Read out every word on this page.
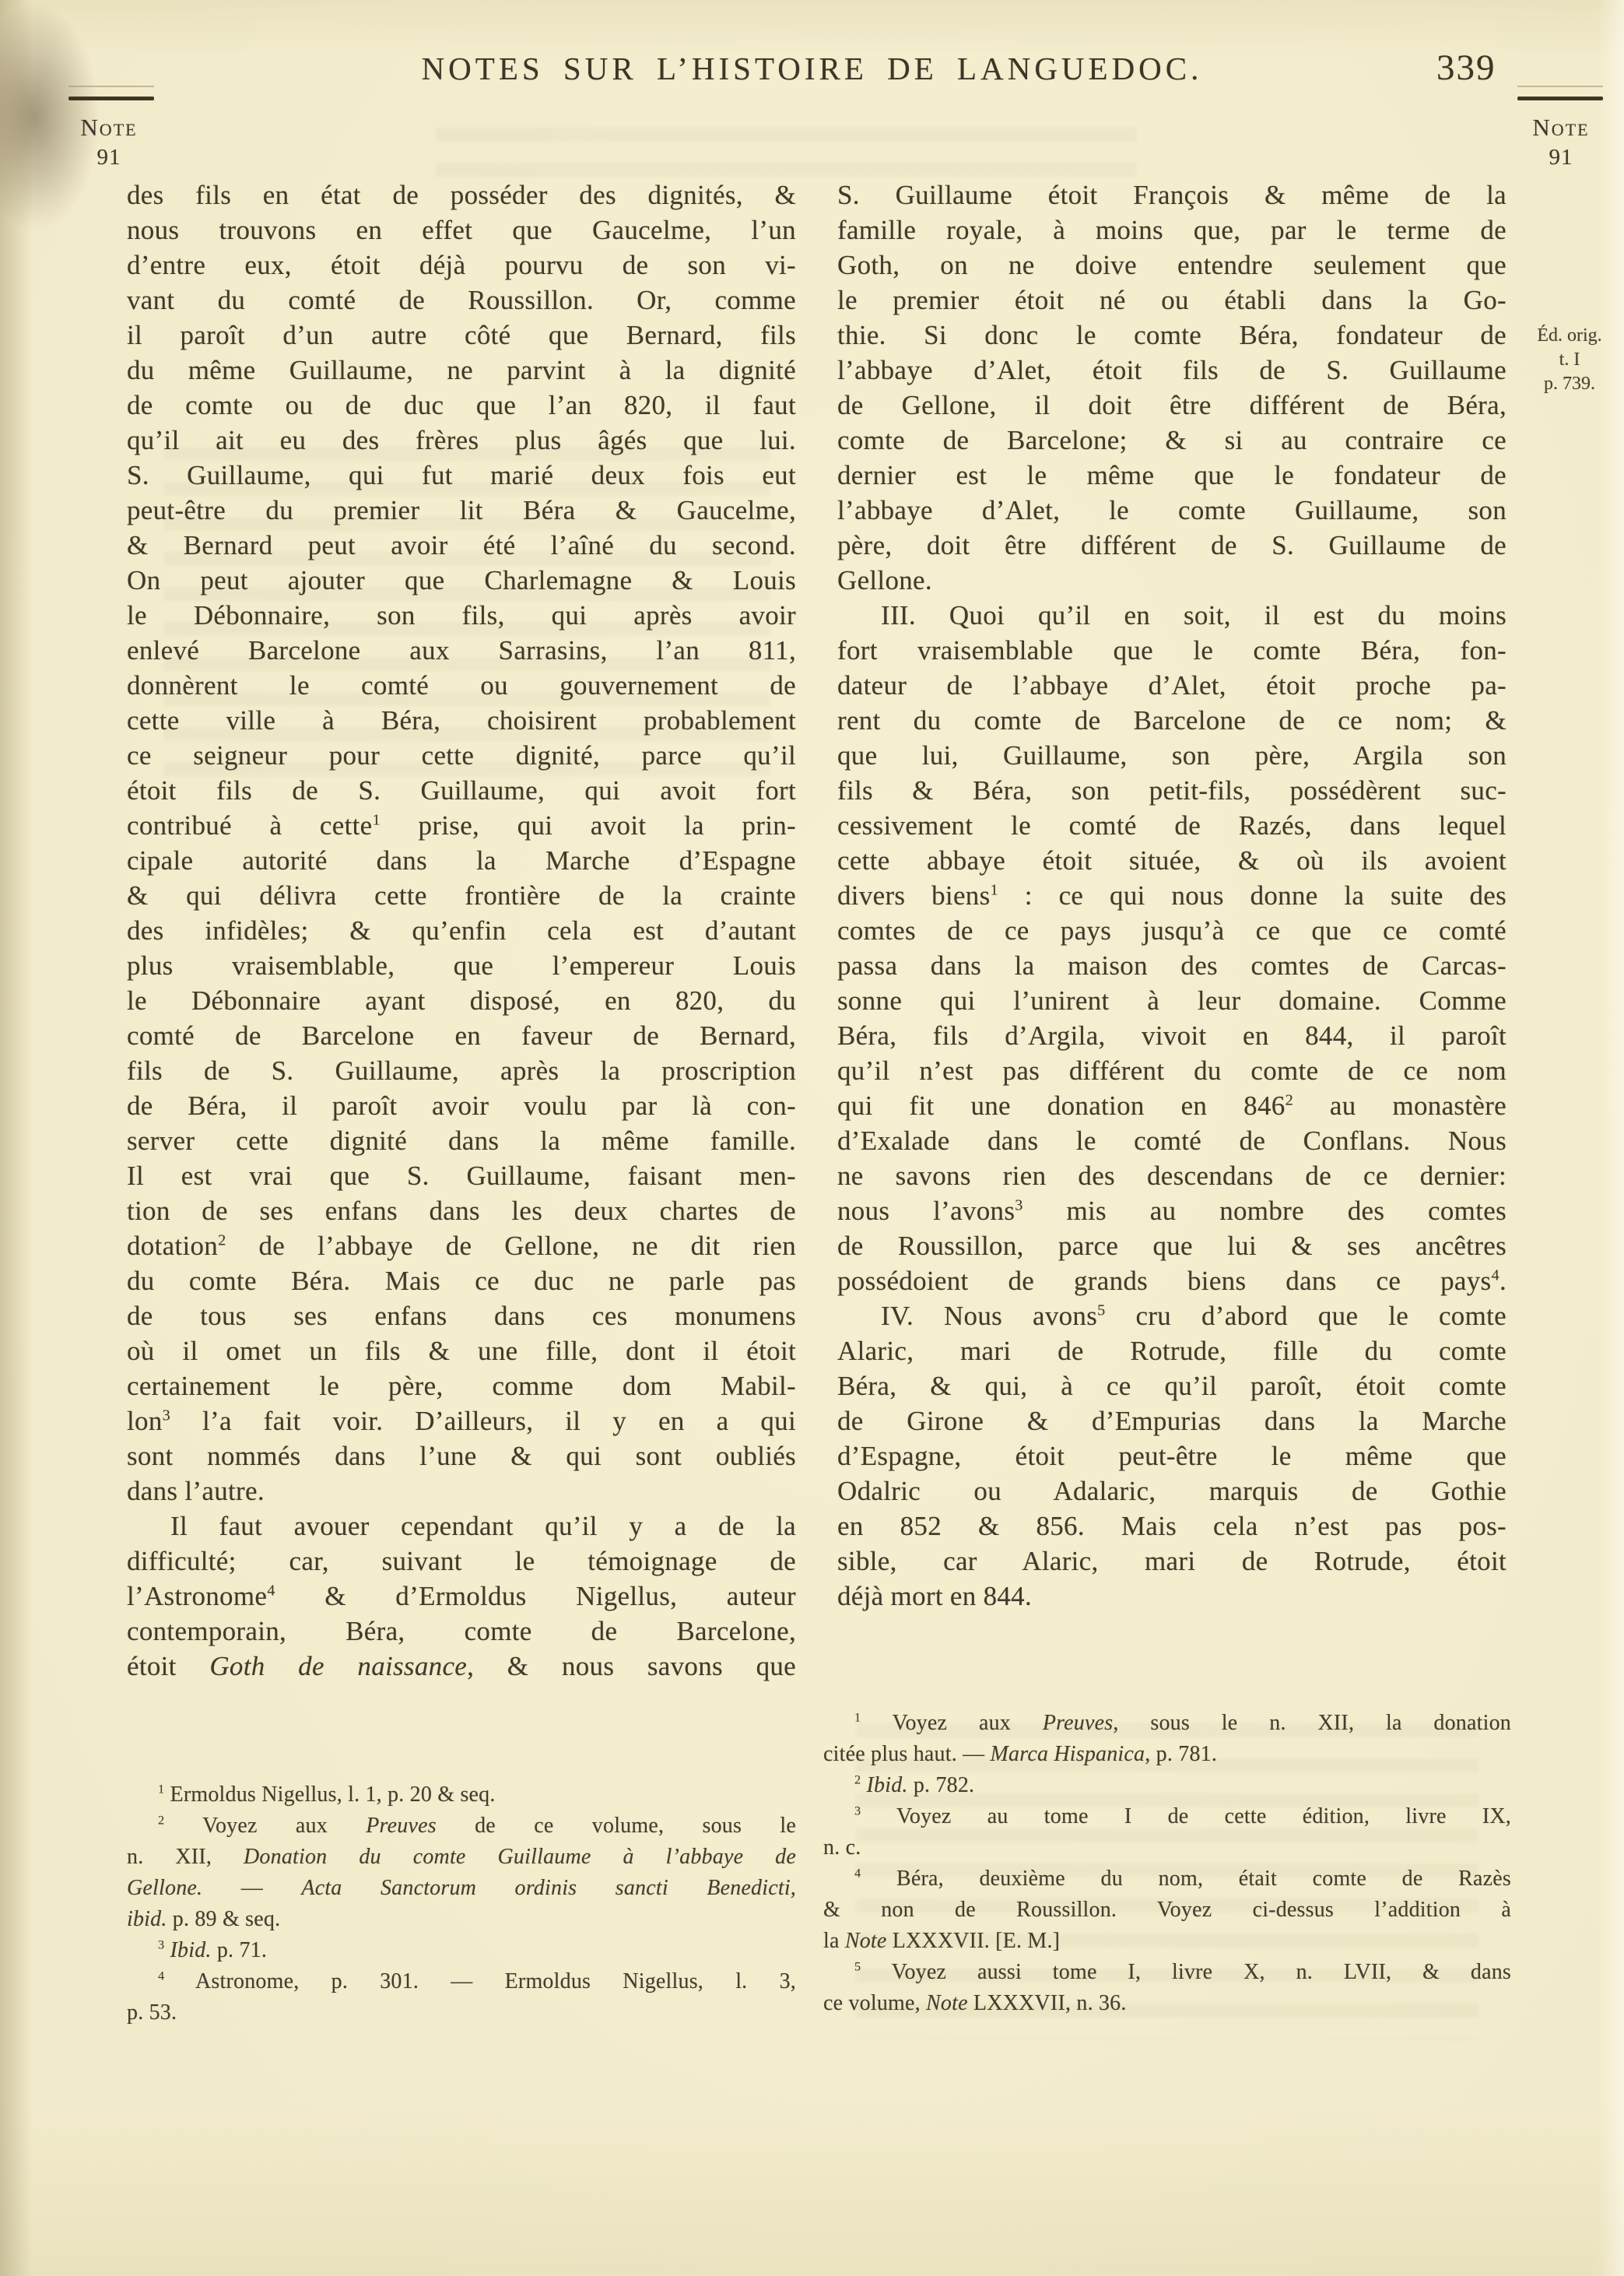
NOTES SUR L’HISTOIRE DE LANGUEDOC.	339
Note
91
Note
91
Éd. orig.
t. I
p. 739.
des fils en état de posséder des dignités, &
nous trouvons en effet que Gaucelme, l’un
d’entre eux, étoit déjà pourvu de son vi-
vant du comté de Roussillon. Or, comme
il paroît d’un autre côté que Bernard, fils
du même Guillaume, ne parvint à la dignité
de comte ou de duc que l’an 820, il faut
qu’il ait eu des frères plus âgés que lui.
S. Guillaume, qui fut marié deux fois eut
peut-être du premier lit Béra & Gaucelme,
& Bernard peut avoir été l’aîné du second.
On peut ajouter que Charlemagne & Louis
le Débonnaire, son fils, qui après avoir
enlevé Barcelone aux Sarrasins, l’an 811,
donnèrent le comté ou gouvernement de
cette ville à Béra, choisirent probablement
ce seigneur pour cette dignité, parce qu’il
étoit fils de S. Guillaume, qui avoit fort
contribué à cette$^1$ prise, qui avoit la prin-
cipale autorité dans la Marche d’Espagne
& qui délivra cette frontière de la crainte
des infidèles; & qu’enfin cela est d’autant
plus vraisemblable, que l’empereur Louis
le Débonnaire ayant disposé, en 820, du
comté de Barcelone en faveur de Bernard,
fils de S. Guillaume, après la proscription
de Béra, il paroît avoir voulu par là con-
server cette dignité dans la même famille.
Il est vrai que S. Guillaume, faisant men-
tion de ses enfans dans les deux chartes de
dotation$^2$ de l’abbaye de Gellone, ne dit rien
du comte Béra. Mais ce duc ne parle pas
de tous ses enfans dans ces monumens
où il omet un fils & une fille, dont il étoit
certainement le père, comme dom Mabil-
lon$^3$ l’a fait voir. D’ailleurs, il y en a qui
sont nommés dans l’une & qui sont oubliés
dans l’autre.
Il faut avouer cependant qu’il y a de la
difficulté; car, suivant le témoignage de
l’Astronome$^4$ & d’Ermoldus Nigellus, auteur
contemporain, Béra, comte de Barcelone,
étoit Goth de naissance, & nous savons que
$^1$ Ermoldus Nigellus, l. 1, p. 20 & seq.
$^2$ Voyez aux Preuves de ce volume, sous le
n. XII, Donation du comte Guillaume à l’abbaye de
Gellone. — Acta Sanctorum ordinis sancti Benedicti,
ibid. p. 89 & seq.
$^3$ Ibid. p. 71.
$^4$ Astronome, p. 301. — Ermoldus Nigellus, l. 3,
p. 53.
S. Guillaume étoit François & même de la
famille royale, à moins que, par le terme de
Goth, on ne doive entendre seulement que
le premier étoit né ou établi dans la Go-
thie. Si donc le comte Béra, fondateur de
l’abbaye d’Alet, étoit fils de S. Guillaume
de Gellone, il doit être différent de Béra,
comte de Barcelone; & si au contraire ce
dernier est le même que le fondateur de
l’abbaye d’Alet, le comte Guillaume, son
père, doit être différent de S. Guillaume de
Gellone.
III. Quoi qu’il en soit, il est du moins
fort vraisemblable que le comte Béra, fon-
dateur de l’abbaye d’Alet, étoit proche pa-
rent du comte de Barcelone de ce nom; &
que lui, Guillaume, son père, Argila son
fils & Béra, son petit-fils, possédèrent suc-
cessivement le comté de Razés, dans lequel
cette abbaye étoit située, & où ils avoient
divers biens$^1$ : ce qui nous donne la suite des
comtes de ce pays jusqu’à ce que ce comté
passa dans la maison des comtes de Carcas-
sonne qui l’unirent à leur domaine. Comme
Béra, fils d’Argila, vivoit en 844, il paroît
qu’il n’est pas différent du comte de ce nom
qui fit une donation en $846^2$ au monastère
d’Exalade dans le comté de Conflans. Nous
ne savons rien des descendans de ce dernier:
nous l’avons$^3$ mis au nombre des comtes
de Roussillon, parce que lui & ses ancêtres
possédoient de grands biens dans ce pays$^4$.
IV. Nous avons$^5$ cru d’abord que le comte
Alaric, mari de Rotrude, fille du comte
Béra, & qui, à ce qu’il paroît, étoit comte
de Girone & d’Empurias dans la Marche
d’Espagne, étoit peut-être le même que
Odalric ou Adalaric, marquis de Gothie
en 852 & 856. Mais cela n’est pas pos-
sible, car Alaric, mari de Rotrude, étoit
déjà mort en 844.
$^1$ Voyez aux Preuves, sous le n. XII, la donation
citée plus haut. — Marca Hispanica, p. 781.
$^2$ Ibid. p. 782.
$^3$ Voyez au tome I de cette édition, livre IX,
n. c.
$^4$ Béra, deuxième du nom, était comte de Razès
& non de Roussillon. Voyez ci-dessus l’addition à
la Note LXXXVII. [E. M.]
$^5$ Voyez aussi tome I, livre X, n. LVII, & dans
ce volume, Note LXXXVII, n. 36.
